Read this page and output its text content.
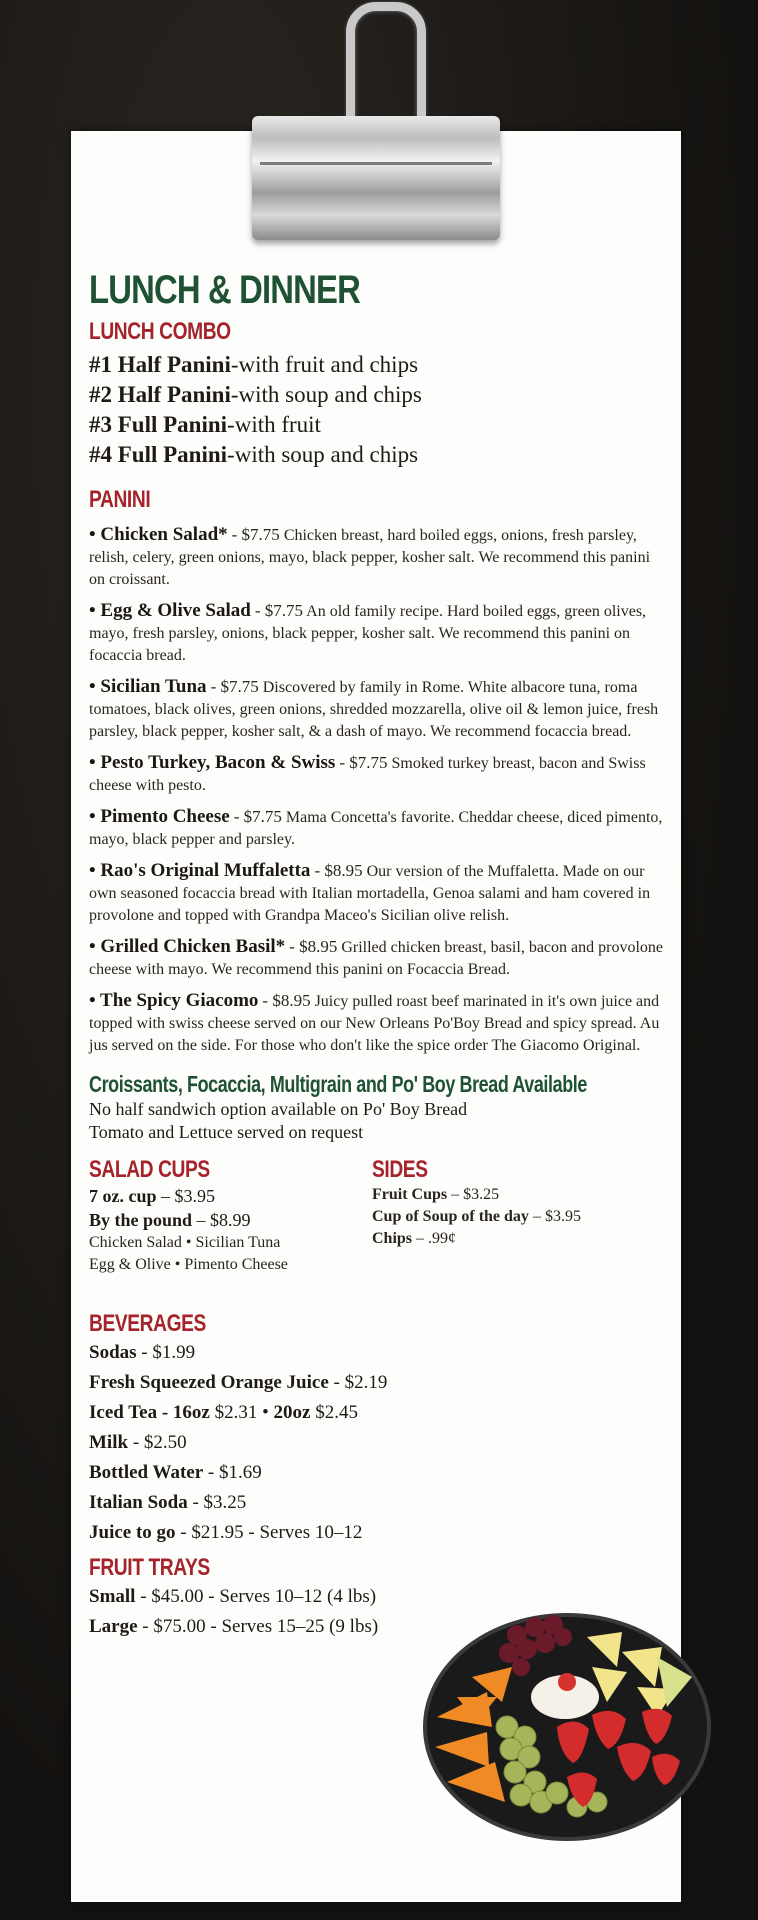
LUNCH & DINNER

LUNCH COMBO

#1 Half Panini-with fruit and chips
#2 Half Panini-with soup and chips
#3 Full Panini-with fruit
#4 Full Panini-with soup and chips

PANINI

• Chicken Salad* - $7.75 Chicken breast, hard boiled eggs, onions, fresh parsley, relish, celery, green onions, mayo, black pepper, kosher salt. We recommend this panini on croissant.

• Egg & Olive Salad - $7.75 An old family recipe. Hard boiled eggs, green olives, mayo, fresh parsley, onions, black pepper, kosher salt. We recommend this panini on focaccia bread.

• Sicilian Tuna - $7.75 Discovered by family in Rome. White albacore tuna, roma tomatoes, black olives, green onions, shredded mozzarella, olive oil & lemon juice, fresh parsley, black pepper, kosher salt, & a dash of mayo. We recommend focaccia bread.

• Pesto Turkey, Bacon & Swiss - $7.75 Smoked turkey breast, bacon and Swiss cheese with pesto.

• Pimento Cheese - $7.75 Mama Concetta's favorite. Cheddar cheese, diced pimento, mayo, black pepper and parsley.

• Rao's Original Muffaletta - $8.95 Our version of the Muffaletta. Made on our own seasoned focaccia bread with Italian mortadella, Genoa salami and ham covered in provolone and topped with Grandpa Maceo's Sicilian olive relish.

• Grilled Chicken Basil* - $8.95 Grilled chicken breast, basil, bacon and provolone cheese with mayo. We recommend this panini on Focaccia Bread.

• The Spicy Giacomo - $8.95 Juicy pulled roast beef marinated in it's own juice and topped with swiss cheese served on our New Orleans Po'Boy Bread and spicy spread. Au jus served on the side. For those who don't like the spice order The Giacomo Original.

Croissants, Focaccia, Multigrain and Po' Boy Bread Available

No half sandwich option available on Po' Boy Bread
Tomato and Lettuce served on request

SALAD CUPS

7 oz. cup – $3.95
By the pound – $8.99
Chicken Salad • Sicilian Tuna
Egg & Olive • Pimento Cheese

SIDES

Fruit Cups – $3.25
Cup of Soup of the day – $3.95
Chips – .99¢

BEVERAGES

Sodas - $1.99
Fresh Squeezed Orange Juice - $2.19
Iced Tea - 16oz $2.31 • 20oz $2.45
Milk - $2.50
Bottled Water - $1.69
Italian Soda - $3.25
Juice to go - $21.95 - Serves 10–12

FRUIT TRAYS

Small - $45.00 - Serves 10–12 (4 lbs)
Large - $75.00 - Serves 15–25 (9 lbs)
